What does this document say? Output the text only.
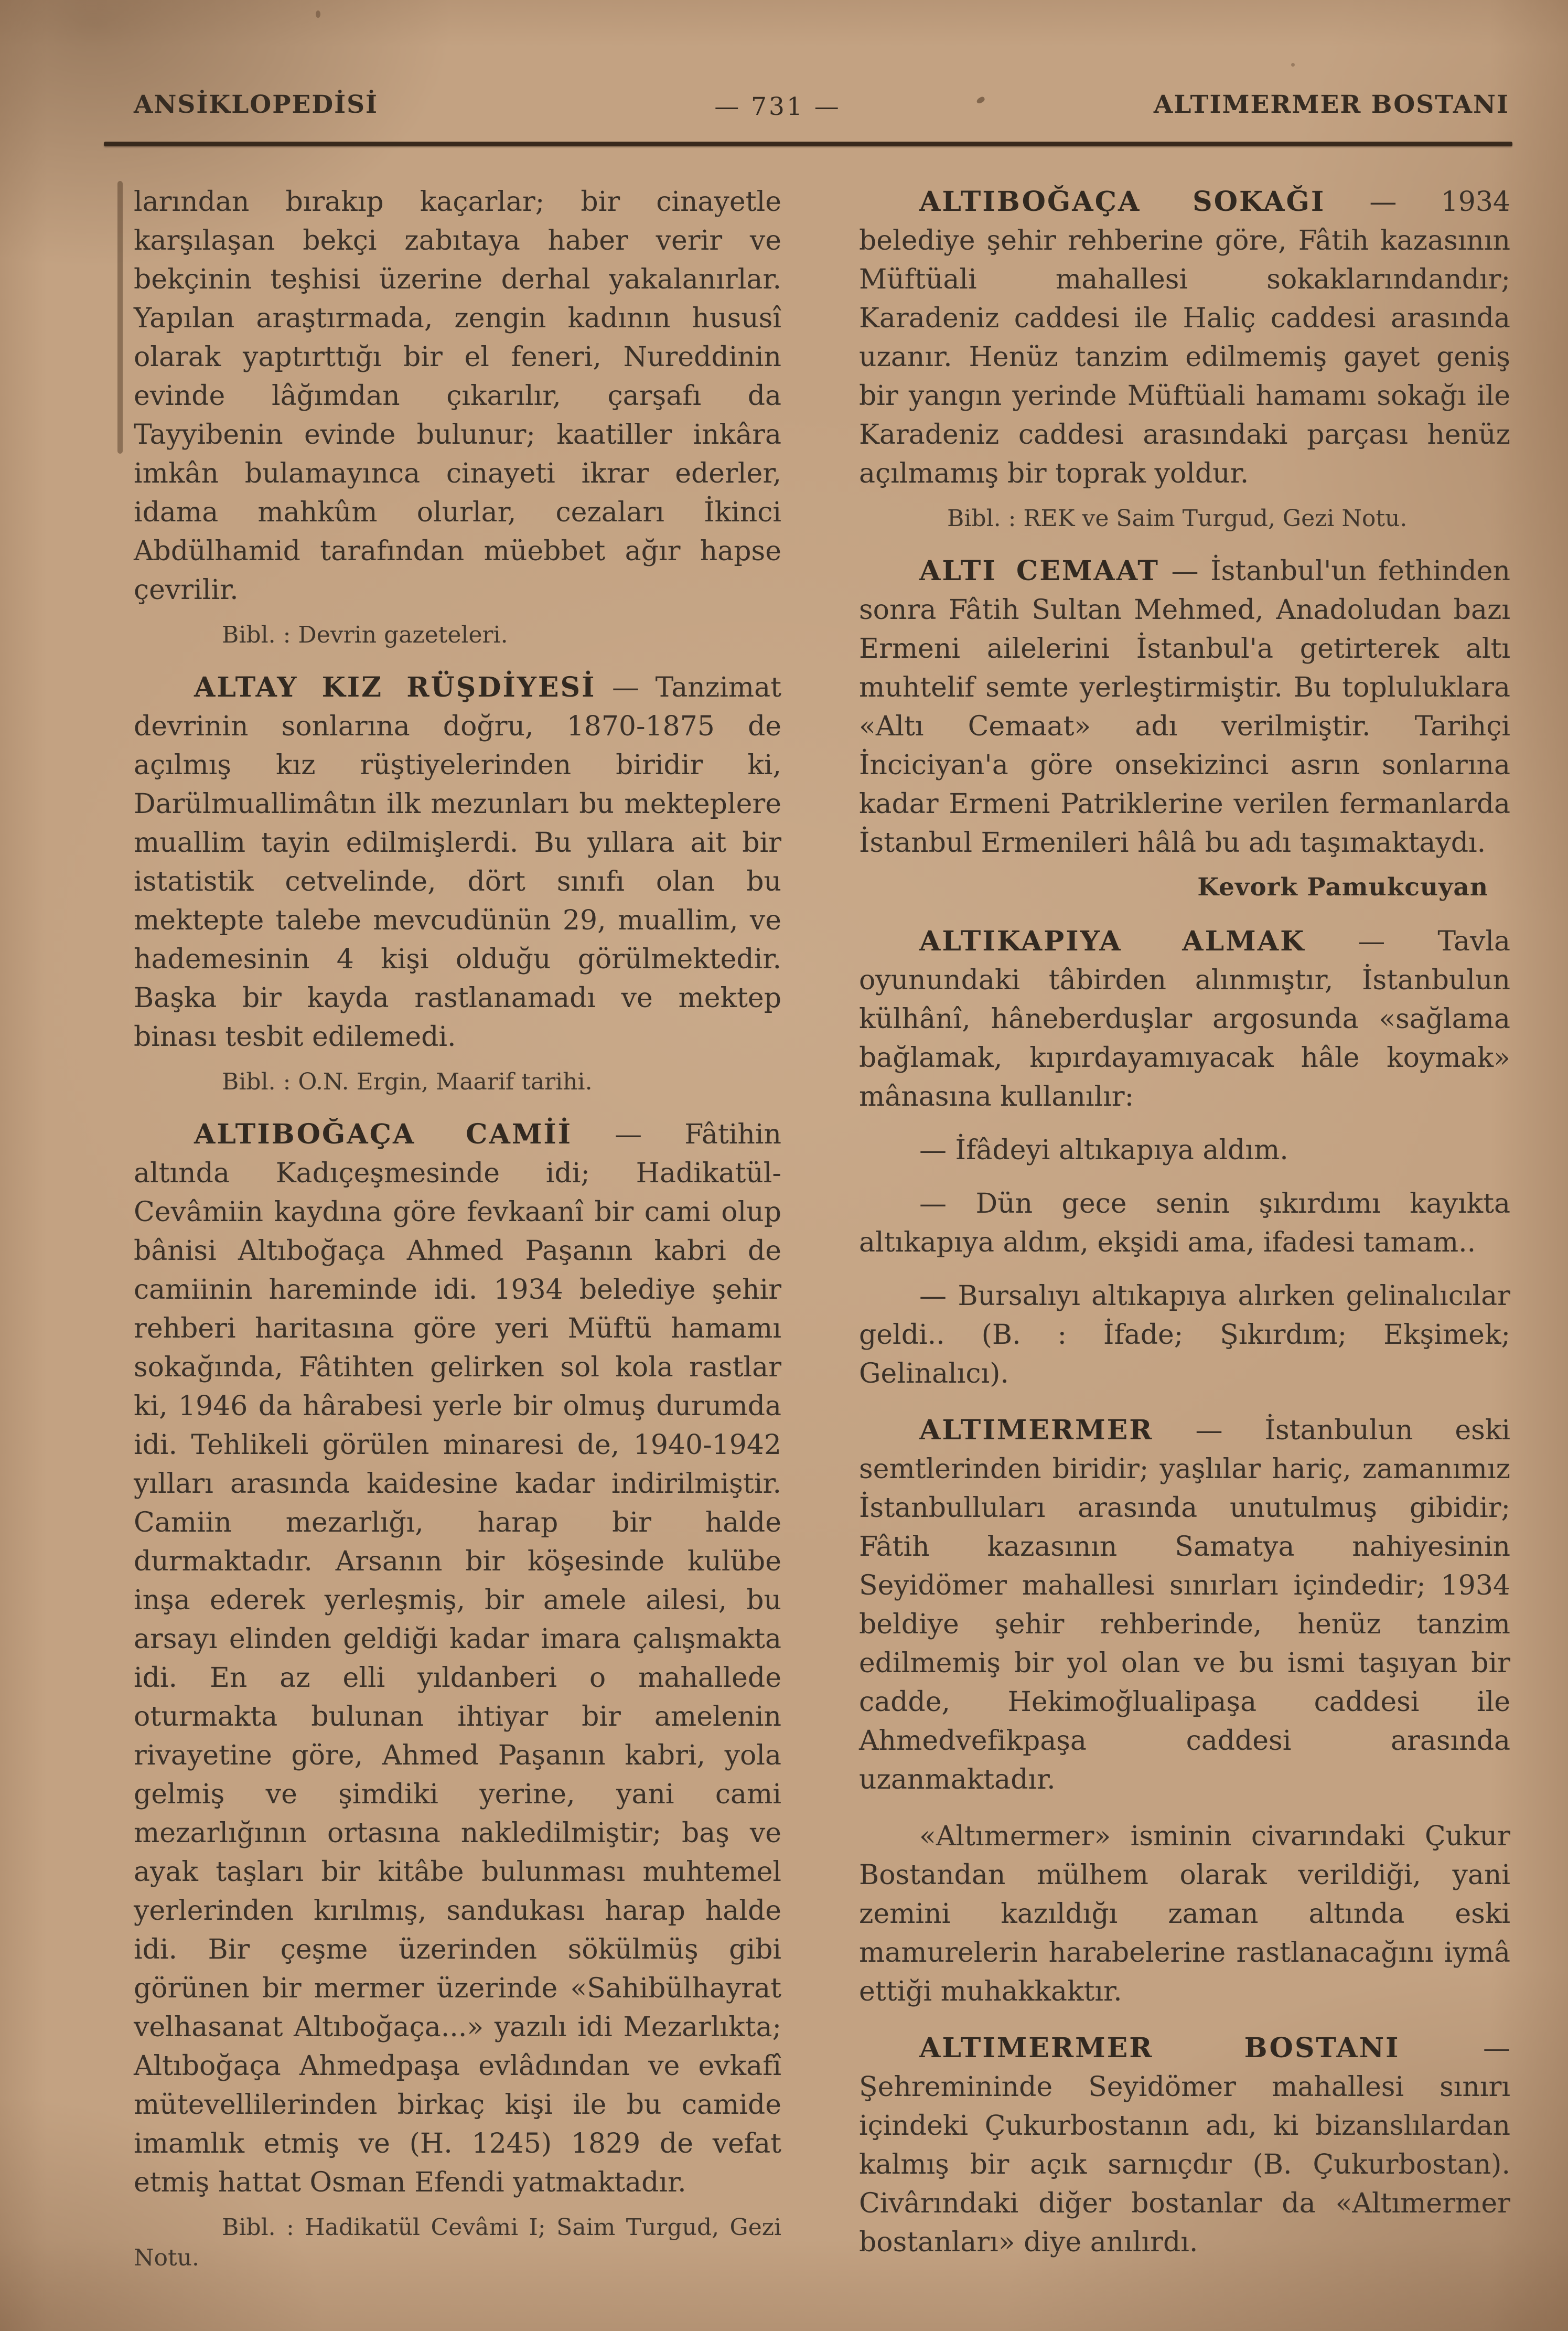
ANSİKLOPEDİSİ	— 731 —	ALTIMERMER BOSTANI

larından bırakıp kaçarlar; bir cinayetle karşılaşan bekçi zabıtaya haber verir ve bekçinin teşhisi üzerine derhal yakalanırlar. Yapılan araştırmada, zengin kadının hususî olarak yaptırttığı bir el feneri, Nureddinin evinde lâğımdan çıkarılır, çarşafı da Tayyibenin evinde bulunur; kaatiller inkâra imkân bulamayınca cinayeti ikrar ederler, idama mahkûm olurlar, cezaları İkinci Abdülhamid tarafından müebbet ağır hapse çevrilir.

Bibl. : Devrin gazeteleri.

ALTAY KIZ RÜŞDİYESİ — Tanzimat devrinin sonlarına doğru, 1870-1875 de açılmış kız rüştiyelerinden biridir ki, Darülmuallimâtın ilk mezunları bu mekteplere muallim tayin edilmişlerdi. Bu yıllara ait bir istatistik cetvelinde, dört sınıfı olan bu mektepte talebe mevcudünün 29, muallim, ve hademesinin 4 kişi olduğu görülmektedir. Başka bir kayda rastlanamadı ve mektep binası tesbit edilemedi.

Bibl. : O.N. Ergin, Maarif tarihi.

ALTIBOĞAÇA CAMİİ — Fâtihin altında Kadıçeşmesinde idi; Hadikatül-Cevâmiin kaydına göre fevkaanî bir cami olup bânisi Altıboğaça Ahmed Paşanın kabri de camiinin hareminde idi. 1934 belediye şehir rehberi haritasına göre yeri Müftü hamamı sokağında, Fâtihten gelirken sol kola rastlar ki, 1946 da hârabesi yerle bir olmuş durumda idi. Tehlikeli görülen minaresi de, 1940-1942 yılları arasında kaidesine kadar indirilmiştir. Camiin mezarlığı, harap bir halde durmaktadır. Arsanın bir köşesinde kulübe inşa ederek yerleşmiş, bir amele ailesi, bu arsayı elinden geldiği kadar imara çalışmakta idi. En az elli yıldanberi o mahallede oturmakta bulunan ihtiyar bir amelenin rivayetine göre, Ahmed Paşanın kabri, yola gelmiş ve şimdiki yerine, yani cami mezarlığının ortasına nakledilmiştir; baş ve ayak taşları bir kitâbe bulunması muhtemel yerlerinden kırılmış, sandukası harap halde idi. Bir çeşme üzerinden sökülmüş gibi görünen bir mermer üzerinde «Sahibülhayrat velhasanat Altıboğaça...» yazılı idi Mezarlıkta; Altıboğaça Ahmedpaşa evlâdından ve evkafî mütevellilerinden birkaç kişi ile bu camide imamlık etmiş ve (H. 1245) 1829 de vefat etmiş hattat Osman Efendi yatmaktadır.

Bibl. : Hadikatül Cevâmi I; Saim Turgud, Gezi Notu.

ALTIBOĞAÇA SOKAĞI — 1934 belediye şehir rehberine göre, Fâtih kazasının Müftüali mahallesi sokaklarındandır; Karadeniz caddesi ile Haliç caddesi arasında uzanır. Henüz tanzim edilmemiş gayet geniş bir yangın yerinde Müftüali hamamı sokağı ile Karadeniz caddesi arasındaki parçası henüz açılmamış bir toprak yoldur.

Bibl. : REK ve Saim Turgud, Gezi Notu.

ALTI CEMAAT — İstanbul'un fethinden sonra Fâtih Sultan Mehmed, Anadoludan bazı Ermeni ailelerini İstanbul'a getirterek altı muhtelif semte yerleştirmiştir. Bu topluluklara «Altı Cemaat» adı verilmiştir. Tarihçi İnciciyan'a göre onsekizinci asrın sonlarına kadar Ermeni Patriklerine verilen fermanlarda İstanbul Ermenileri hâlâ bu adı taşımaktaydı.

Kevork Pamukcuyan

ALTIKAPIYA ALMAK — Tavla oyunundaki tâbirden alınmıştır, İstanbulun külhânî, hâneberduşlar argosunda «sağlama bağlamak, kıpırdayamıyacak hâle koymak» mânasına kullanılır:

— İfâdeyi altıkapıya aldım.

— Dün gece senin şıkırdımı kayıkta altıkapıya aldım, ekşidi ama, ifadesi tamam..

— Bursalıyı altıkapıya alırken gelinalıcılar geldi.. (B. : İfade; Şıkırdım; Ekşimek; Gelinalıcı).

ALTIMERMER — İstanbulun eski semtlerinden biridir; yaşlılar hariç, zamanımız İstanbulluları arasında unutulmuş gibidir; Fâtih kazasının Samatya nahiyesinin Seyidömer mahallesi sınırları içindedir; 1934 beldiye şehir rehberinde, henüz tanzim edilmemiş bir yol olan ve bu ismi taşıyan bir cadde, Hekimoğlualipaşa caddesi ile Ahmedvefikpaşa caddesi arasında uzanmaktadır.

«Altımermer» isminin civarındaki Çukur Bostandan mülhem olarak verildiği, yani zemini kazıldığı zaman altında eski mamurelerin harabelerine rastlanacağını iymâ ettiği muhakkaktır.

ALTIMERMER BOSTANI — Şehremininde Seyidömer mahallesi sınırı içindeki Çukurbostanın adı, ki bizanslılardan kalmış bir açık sarnıçdır (B. Çukurbostan). Civârındaki diğer bostanlar da «Altımermer bostanları» diye anılırdı.
